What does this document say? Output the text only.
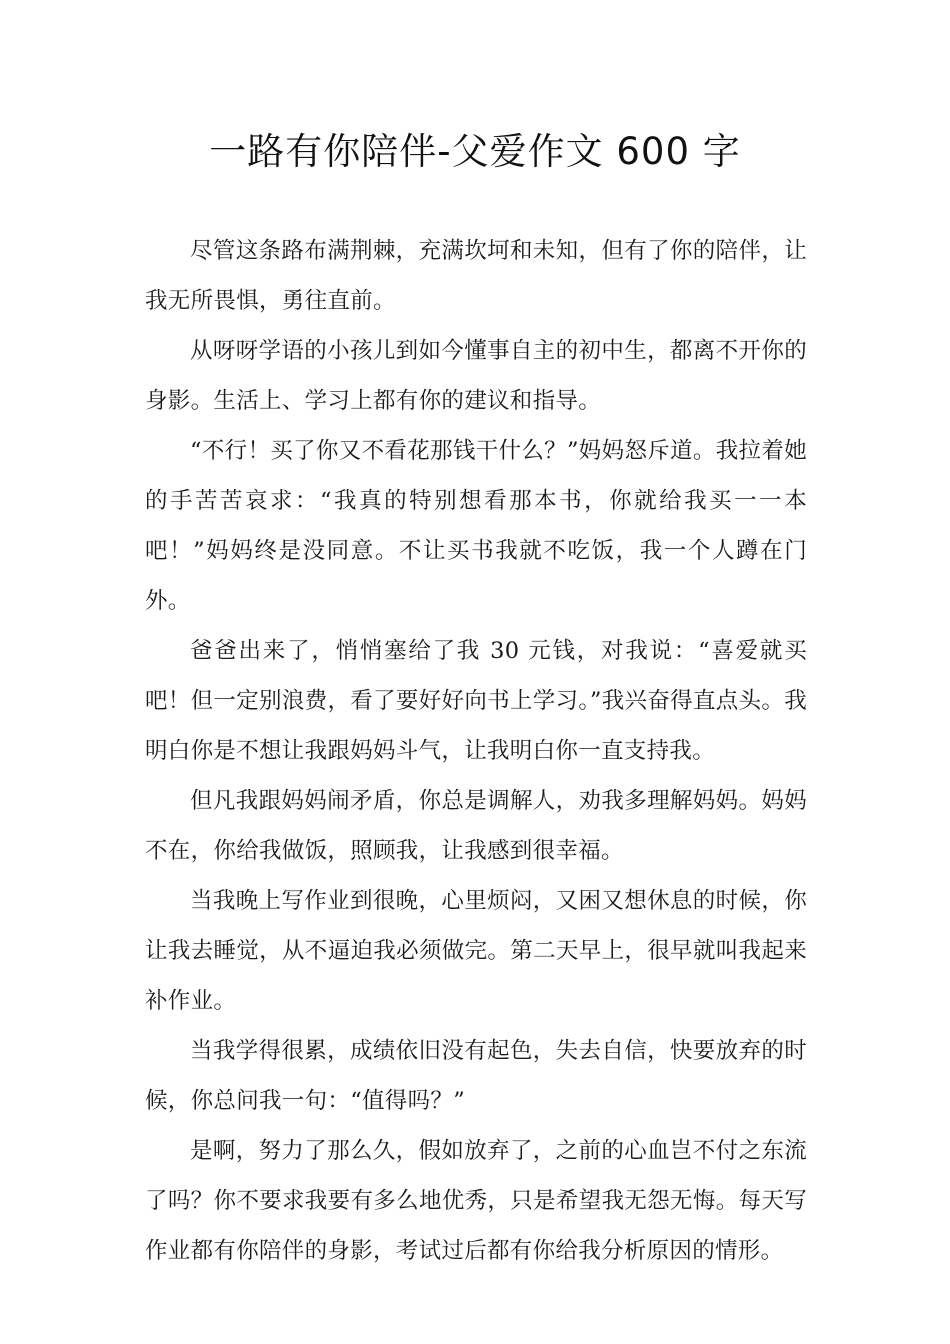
一路有你陪伴-父爱作文 600 字

尽管这条路布满荆棘，充满坎坷和未知，但有了你的陪伴，让我无所畏惧，勇往直前。

从呀呀学语的小孩儿到如今懂事自主的初中生，都离不开你的身影。生活上、学习上都有你的建议和指导。

“不行！买了你又不看花那钱干什么？”妈妈怒斥道。我拉着她的手苦苦哀求：“我真的特别想看那本书，你就给我买一一本吧！”妈妈终是没同意。不让买书我就不吃饭，我一个人蹲在门外。

爸爸出来了，悄悄塞给了我 30 元钱，对我说：“喜爱就买吧！但一定别浪费，看了要好好向书上学习。”我兴奋得直点头。我明白你是不想让我跟妈妈斗气，让我明白你一直支持我。

但凡我跟妈妈闹矛盾，你总是调解人，劝我多理解妈妈。妈妈不在，你给我做饭，照顾我，让我感到很幸福。

当我晚上写作业到很晚，心里烦闷，又困又想休息的时候，你让我去睡觉，从不逼迫我必须做完。第二天早上，很早就叫我起来补作业。

当我学得很累，成绩依旧没有起色，失去自信，快要放弃的时候，你总问我一句：“值得吗？”

是啊，努力了那么久，假如放弃了，之前的心血岂不付之东流了吗？你不要求我要有多么地优秀，只是希望我无怨无悔。每天写作业都有你陪伴的身影，考试过后都有你给我分析原因的情形。
